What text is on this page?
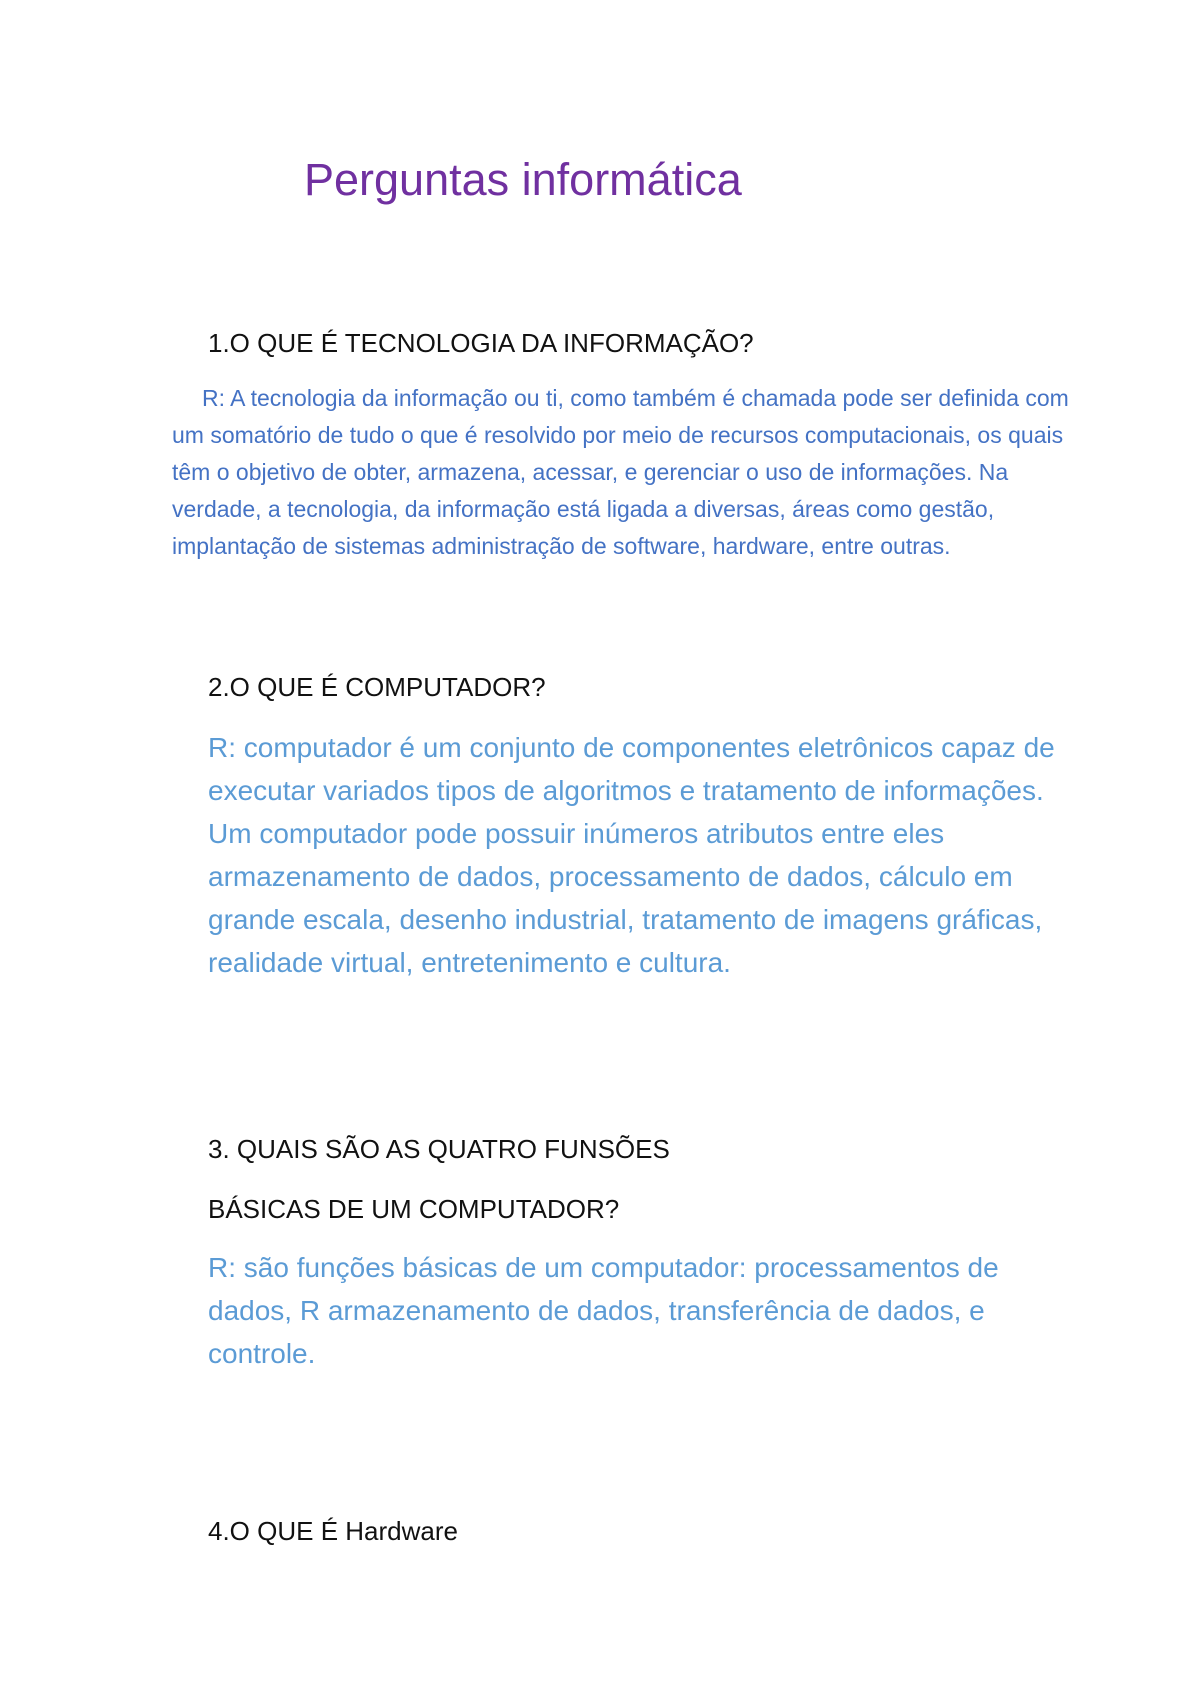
Perguntas informática
1.O QUE É TECNOLOGIA DA INFORMAÇÃO?
R: A tecnologia da informação ou ti, como também é chamada pode ser definida com um somatório de tudo o que é resolvido por meio de recursos computacionais, os quais têm o objetivo de obter, armazena, acessar, e gerenciar o uso de informações. Na verdade, a tecnologia, da informação está ligada a diversas, áreas como gestão, implantação de sistemas administração de software, hardware, entre outras.
2.O QUE É COMPUTADOR?
R: computador é um conjunto de componentes eletrônicos capaz de executar variados tipos de algoritmos e tratamento de informações. Um computador pode possuir inúmeros atributos entre eles armazenamento de dados, processamento de dados, cálculo em grande escala, desenho industrial, tratamento de imagens gráficas, realidade virtual, entretenimento e cultura.
3. QUAIS SÃO AS QUATRO FUNSÕES
BÁSICAS DE UM COMPUTADOR?
R: são funções básicas de um computador: processamentos de dados, R armazenamento de dados, transferência de dados, e controle.
4.O QUE É Hardware
